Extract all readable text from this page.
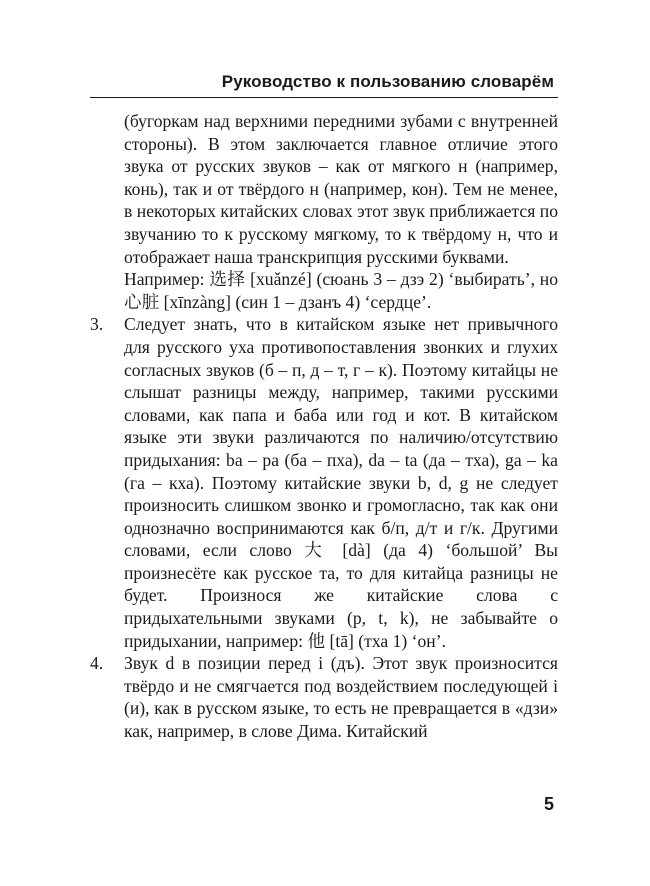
Руководство к пользованию словарём

(бугоркам над верхними передними зубами с внутренней стороны). В этом заключается главное отличие этого звука от русских звуков – как от мягкого н (например, конь), так и от твёрдого н (например, кон). Тем не менее, в некоторых китайских словах этот звук приближается по звучанию то к русскому мягкому, то к твёрдому н, что и отображает наша транскрипция русскими буквами.

Например: 选择 [xuǎnzé] (сюань 3 – дзэ 2) ‘выбирать’, но 心脏 [xīnzàng] (син 1 – дзанъ 4) ‘сердце’.

3.	Следует знать, что в китайском языке нет привычного для русского уха противопоставления звонких и глухих согласных звуков (б – п, д – т, г – к). Поэтому китайцы не слышат разницы между, например, такими русскими словами, как папа и баба или год и кот. В китайском языке эти звуки различаются по наличию/отсутствию придыхания: ba – pa (ба – пха), da – ta (да – тха), ga – ka (га – кха). Поэтому китайские звуки b, d, g не следует произносить слишком звонко и громогласно, так как они однозначно воспринимаются как б/п, д/т и г/к. Другими словами, если слово 大 [dà] (да 4) ‘большой’ Вы произнесёте как русское та, то для китайца разницы не будет. Произнося же китайские слова с придыхательными звуками (p, t, k), не забывайте о придыхании, например: 他 [tā] (тха 1) ‘он’.
4.	Звук d в позиции перед i (дъ). Этот звук произносится твёрдо и не смягчается под воздействием последующей i (и), как в русском языке, то есть не превращается в «дзи» как, например, в слове Дима. Китайский
5
